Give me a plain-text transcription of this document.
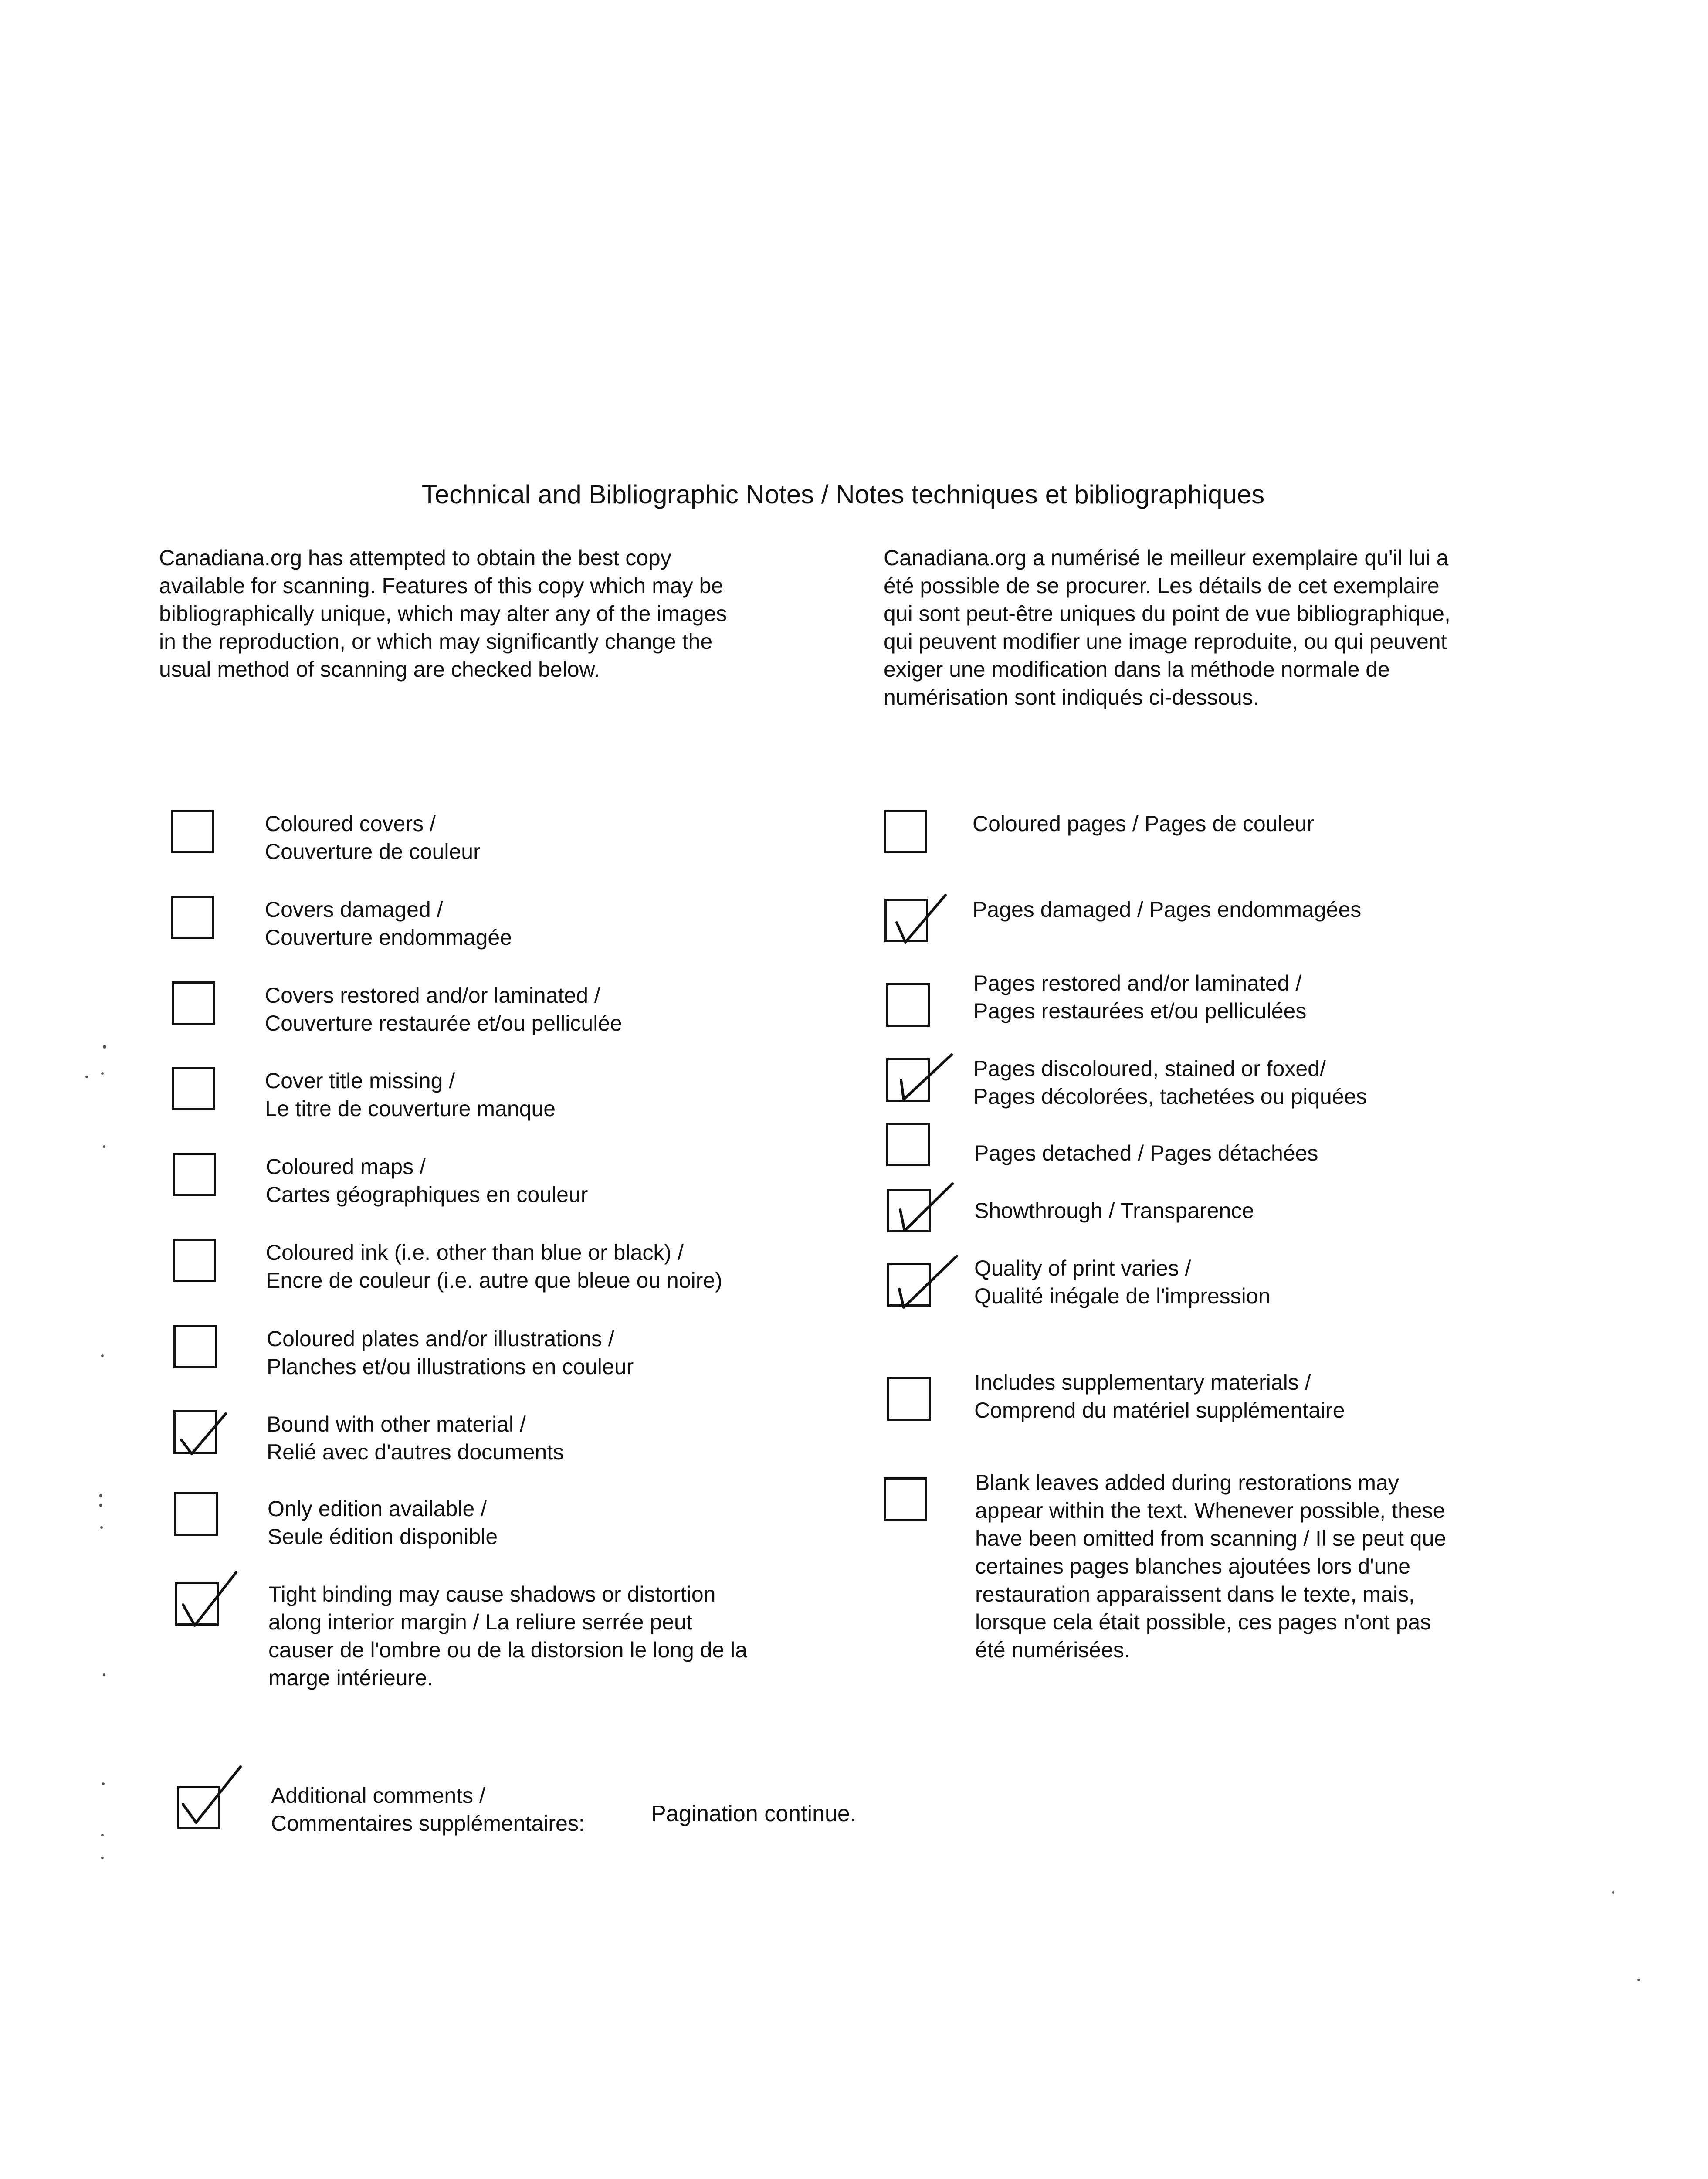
Technical and Bibliographic Notes / Notes techniques et bibliographiques
Canadiana.org has attempted to obtain the best copy
available for scanning. Features of this copy which may be
bibliographically unique, which may alter any of the images
in the reproduction, or which may significantly change the
usual method of scanning are checked below.
Canadiana.org a numérisé le meilleur exemplaire qu'il lui a
été possible de se procurer. Les détails de cet exemplaire
qui sont peut-être uniques du point de vue bibliographique,
qui peuvent modifier une image reproduite, ou qui peuvent
exiger une modification dans la méthode normale de
numérisation sont indiqués ci-dessous.
Coloured covers /
Couverture de couleur
Covers damaged /
Couverture endommagée
Covers restored and/or laminated /
Couverture restaurée et/ou pelliculée
Cover title missing /
Le titre de couverture manque
Coloured maps /
Cartes géographiques en couleur
Coloured ink (i.e. other than blue or black) /
Encre de couleur (i.e. autre que bleue ou noire)
Coloured plates and/or illustrations /
Planches et/ou illustrations en couleur
Bound with other material /
Relié avec d'autres documents
Only edition available /
Seule édition disponible
Tight binding may cause shadows or distortion
along interior margin / La reliure serrée peut
causer de l'ombre ou de la distorsion le long de la
marge intérieure.
Coloured pages / Pages de couleur
Pages damaged / Pages endommagées
Pages restored and/or laminated /
Pages restaurées et/ou pelliculées
Pages discoloured, stained or foxed/
Pages décolorées, tachetées ou piquées
Pages detached / Pages détachées
Showthrough / Transparence
Quality of print varies /
Qualité inégale de l'impression
Includes supplementary materials /
Comprend du matériel supplémentaire
Blank leaves added during restorations may
appear within the text. Whenever possible, these
have been omitted from scanning / Il se peut que
certaines pages blanches ajoutées lors d'une
restauration apparaissent dans le texte, mais,
lorsque cela était possible, ces pages n'ont pas
été numérisées.
Additional comments /
Commentaires supplémentaires:	Pagination continue.
